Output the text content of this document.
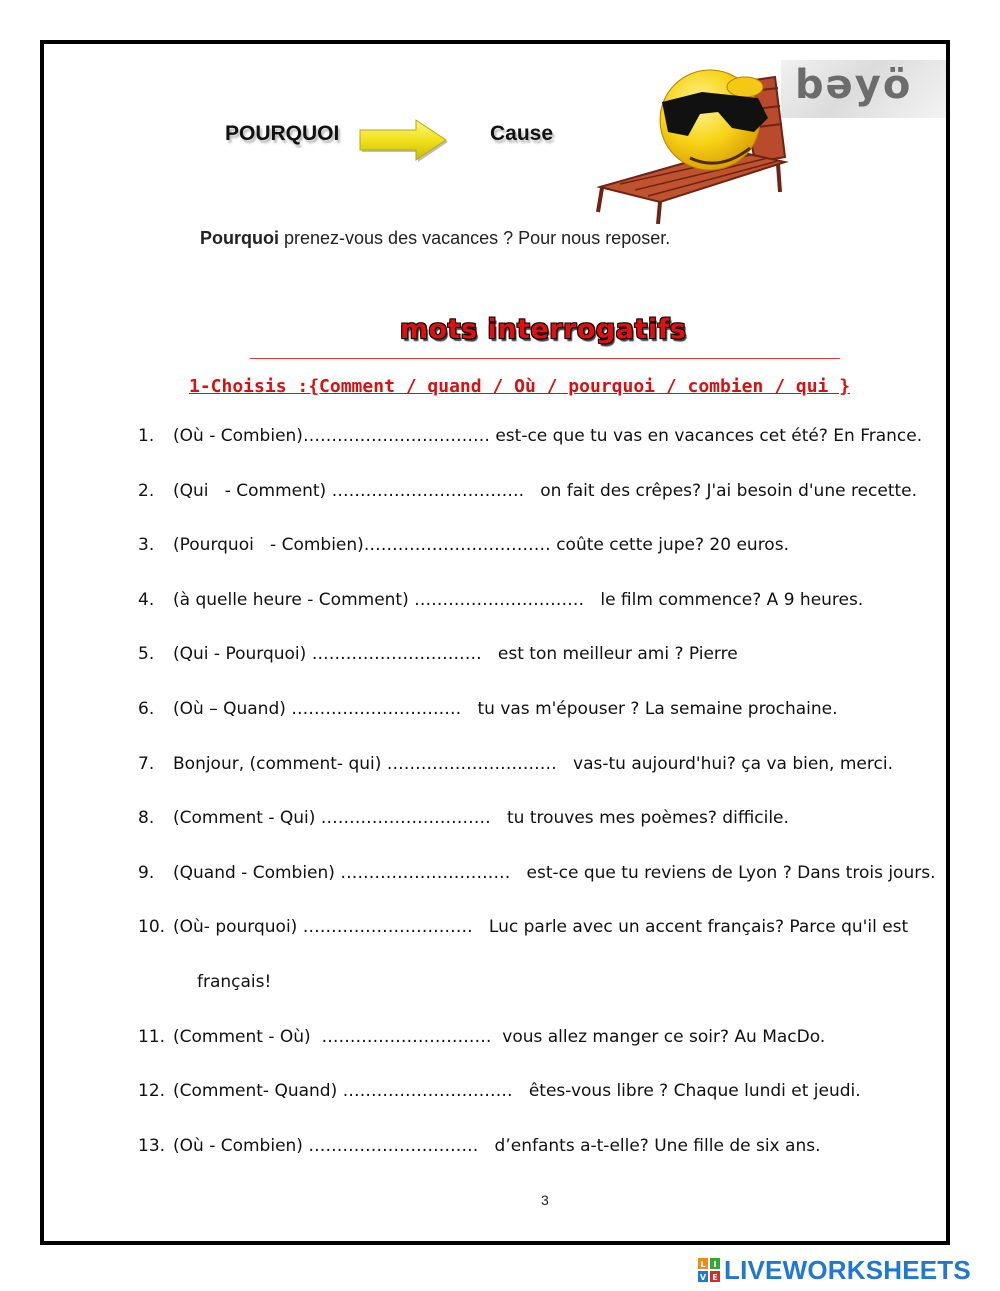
POURQUOI	Cause
bəyö
Pourquoi prenez-vous des vacances ? Pour nous reposer.
mots interrogatifs
1-Choisis :{Comment / quand / Où / pourquoi / combien / qui }
1. (Où - Combien)…………………………… est-ce que tu vas en vacances cet été? En France.
2. (Qui   - Comment) …………………………….   on fait des crêpes? J'ai besoin d'une recette.
3. (Pourquoi   - Combien)…………………………… coûte cette jupe? 20 euros.
4. (à quelle heure - Comment) …………………………   le film commence? A 9 heures.
5. (Qui - Pourquoi) …………………………   est ton meilleur ami ? Pierre
6. (Où – Quand) …………………………   tu vas m'épouser ? La semaine prochaine.
7. Bonjour, (comment- qui) …………………………   vas-tu aujourd'hui? ça va bien, merci.
8. (Comment - Qui) …………………………   tu trouves mes poèmes? difficile.
9. (Quand - Combien) …………………………   est-ce que tu reviens de Lyon ? Dans trois jours.
10. (Où- pourquoi) …………………………   Luc parle avec un accent français? Parce qu'il est
français!
11. (Comment - Où)  …………………………  vous allez manger ce soir? Au MacDo.
12. (Comment- Quand) …………………………   êtes-vous libre ? Chaque lundi et jeudi.
13. (Où - Combien) …………………………   d’enfants a-t-elle? Une fille de six ans.
3
L I
V E LIVEWORKSHEETS
